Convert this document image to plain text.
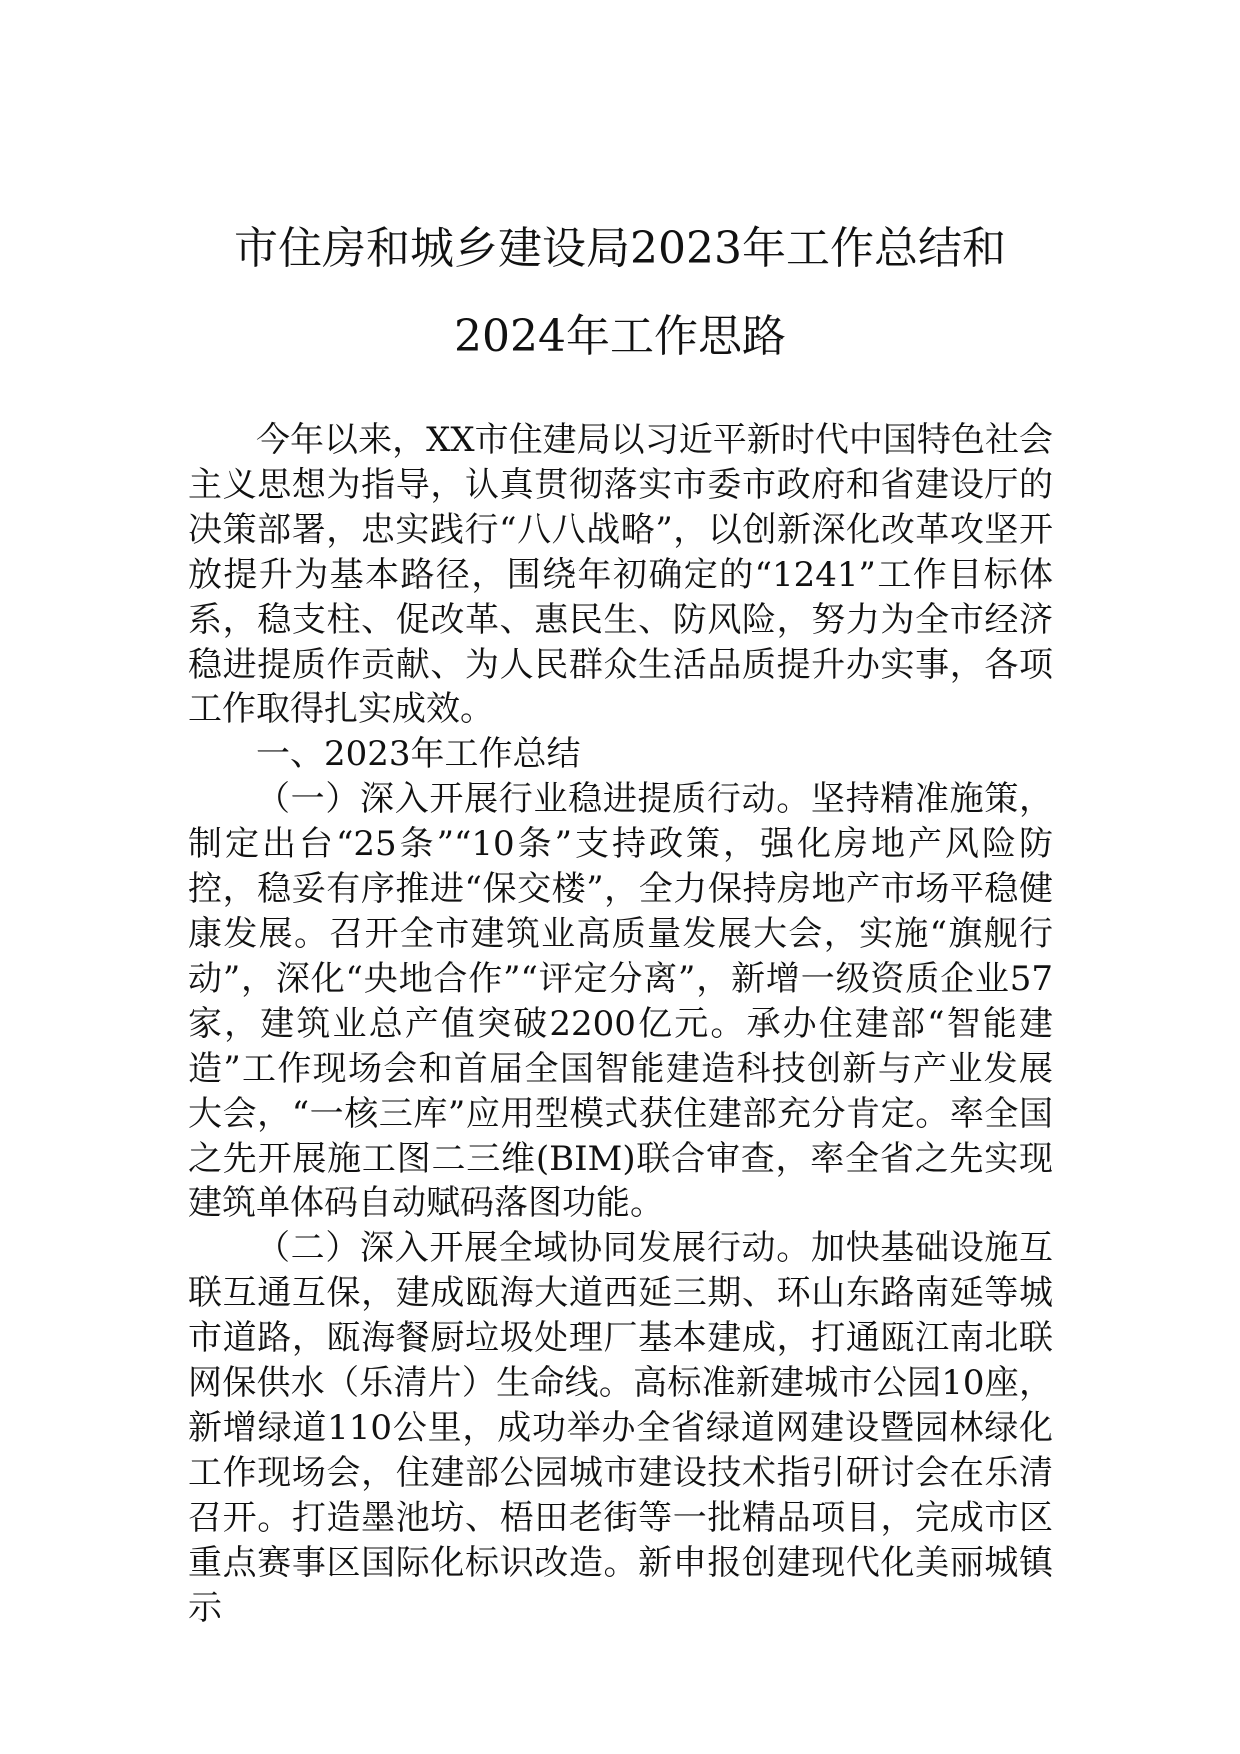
市住房和城乡建设局2023年工作总结和
2024年工作思路

今年以来，XX市住建局以习近平新时代中国特色社会主义思想为指导，认真贯彻落实市委市政府和省建设厅的决策部署，忠实践行“八八战略”，以创新深化改革攻坚开放提升为基本路径，围绕年初确定的“1241”工作目标体系，稳支柱、促改革、惠民生、防风险，努力为全市经济稳进提质作贡献、为人民群众生活品质提升办实事，各项工作取得扎实成效。

一、2023年工作总结

（一）深入开展行业稳进提质行动。坚持精准施策，制定出台“25条”“10条”支持政策，强化房地产风险防控，稳妥有序推进“保交楼”，全力保持房地产市场平稳健康发展。召开全市建筑业高质量发展大会，实施“旗舰行动”，深化“央地合作”“评定分离”，新增一级资质企业57家，建筑业总产值突破2200亿元。承办住建部“智能建造”工作现场会和首届全国智能建造科技创新与产业发展大会，“一核三库”应用型模式获住建部充分肯定。率全国之先开展施工图二三维(BIM)联合审查，率全省之先实现建筑单体码自动赋码落图功能。

（二）深入开展全域协同发展行动。加快基础设施互联互通互保，建成瓯海大道西延三期、环山东路南延等城市道路，瓯海餐厨垃圾处理厂基本建成，打通瓯江南北联网保供水（乐清片）生命线。高标准新建城市公园10座，新增绿道110公里，成功举办全省绿道网建设暨园林绿化工作现场会，住建部公园城市建设技术指引研讨会在乐清召开。打造墨池坊、梧田老街等一批精品项目，完成市区重点赛事区国际化标识改造。新申报创建现代化美丽城镇示
